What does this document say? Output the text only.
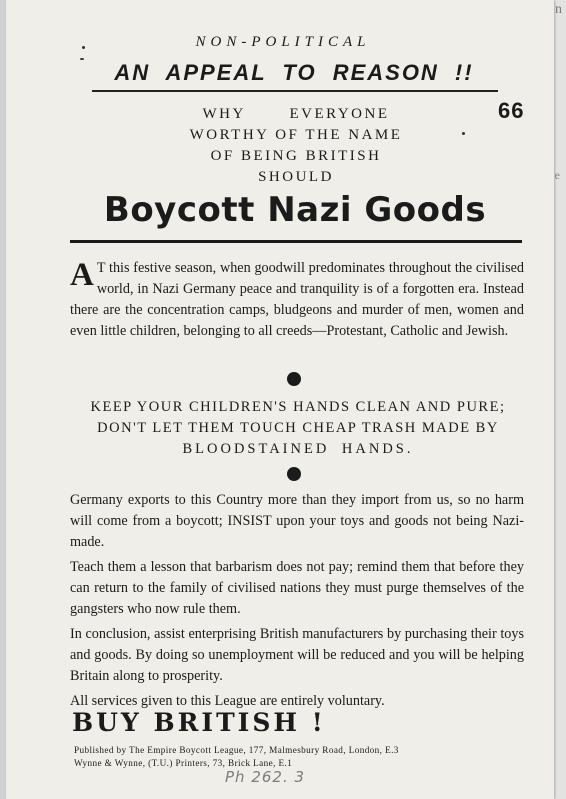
n
e
NON-POLITICAL
AN APPEAL TO REASON !!
66
WHY EVERYONE
WORTHY OF THE NAME
OF BEING BRITISH
SHOULD
Boycott Nazi Goods
A T this festive season, when goodwill predominates throughout the civilised world, in Nazi Germany peace and tranquility is of a forgotten era. Instead there are the concentration camps, bludgeons and murder of men, women and even little children, belonging to all creeds—Protestant, Catholic and Jewish.
KEEP YOUR CHILDREN'S HANDS CLEAN AND PURE;
DON'T LET THEM TOUCH CHEAP TRASH MADE BY
BLOODSTAINED HANDS.

Germany exports to this Country more than they import from us, so no harm will come from a boycott; INSIST upon your toys and goods not being Nazi-made.

Teach them a lesson that barbarism does not pay; remind them that before they can return to the family of civilised nations they must purge themselves of the gangsters who now rule them.

In conclusion, assist enterprising British manufacturers by purchasing their toys and goods. By doing so unemployment will be reduced and you will be helping Britain along to prosperity.

All services given to this League are entirely voluntary.

BUY BRITISH !
Published by The Empire Boycott League, 177, Malmesbury Road, London, E.3
Wynne & Wynne, (T.U.) Printers, 73, Brick Lane, E.1
Ph 262. 3
